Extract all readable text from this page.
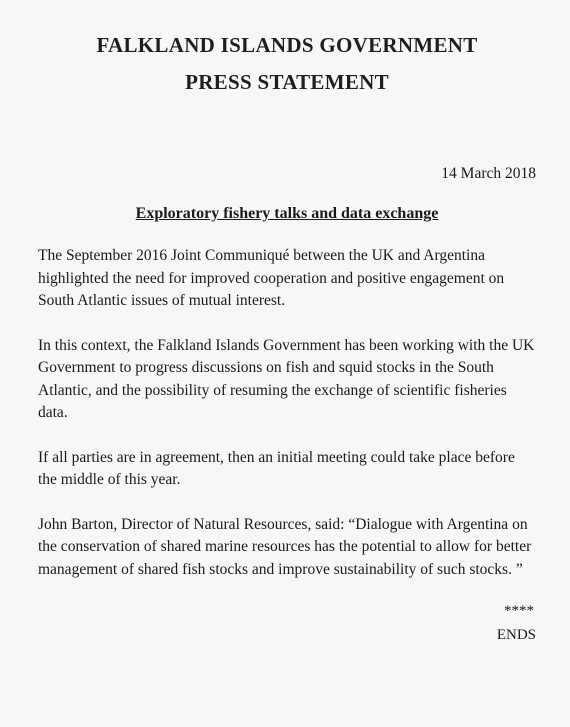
FALKLAND ISLANDS GOVERNMENT

PRESS STATEMENT

14 March 2018

Exploratory fishery talks and data exchange

The September 2016 Joint Communiqué between the UK and Argentina highlighted the need for improved cooperation and positive engagement on South Atlantic issues of mutual interest.

In this context, the Falkland Islands Government has been working with the UK Government to progress discussions on fish and squid stocks in the South Atlantic, and the possibility of resuming the exchange of scientific fisheries data.

If all parties are in agreement, then an initial meeting could take place before the middle of this year.

John Barton, Director of Natural Resources, said: “Dialogue with Argentina on the conservation of shared marine resources has the potential to allow for better management of shared fish stocks and improve sustainability of such stocks. ”

****

ENDS
